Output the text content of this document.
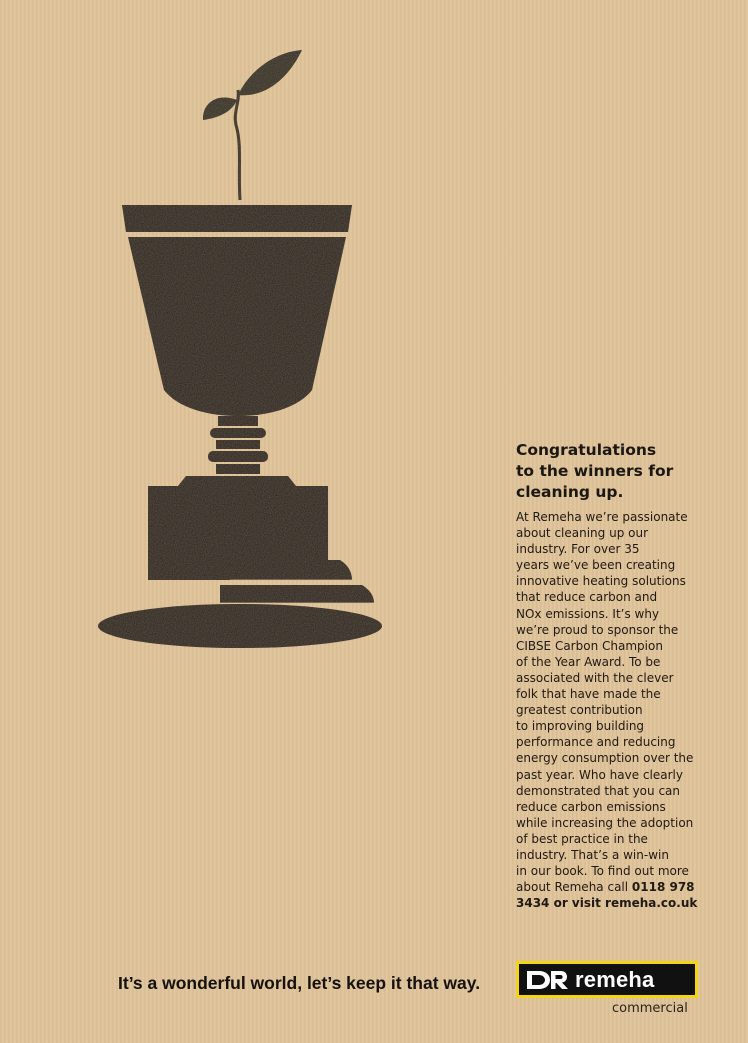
Congratulations
to the winners for
cleaning up.

At Remeha we’re passionate
about cleaning up our
industry. For over 35
years we’ve been creating
innovative heating solutions
that reduce carbon and
NOx emissions. It’s why
we’re proud to sponsor the
CIBSE Carbon Champion
of the Year Award. To be
associated with the clever
folk that have made the
greatest contribution
to improving building
performance and reducing
energy consumption over the
past year. Who have clearly
demonstrated that you can
reduce carbon emissions
while increasing the adoption
of best practice in the
industry. That’s a win-win
in our book. To find out more
about Remeha call 0118 978
3434 or visit remeha.co.uk

It’s a wonderful world, let’s keep it that way.	remeha
commercial
